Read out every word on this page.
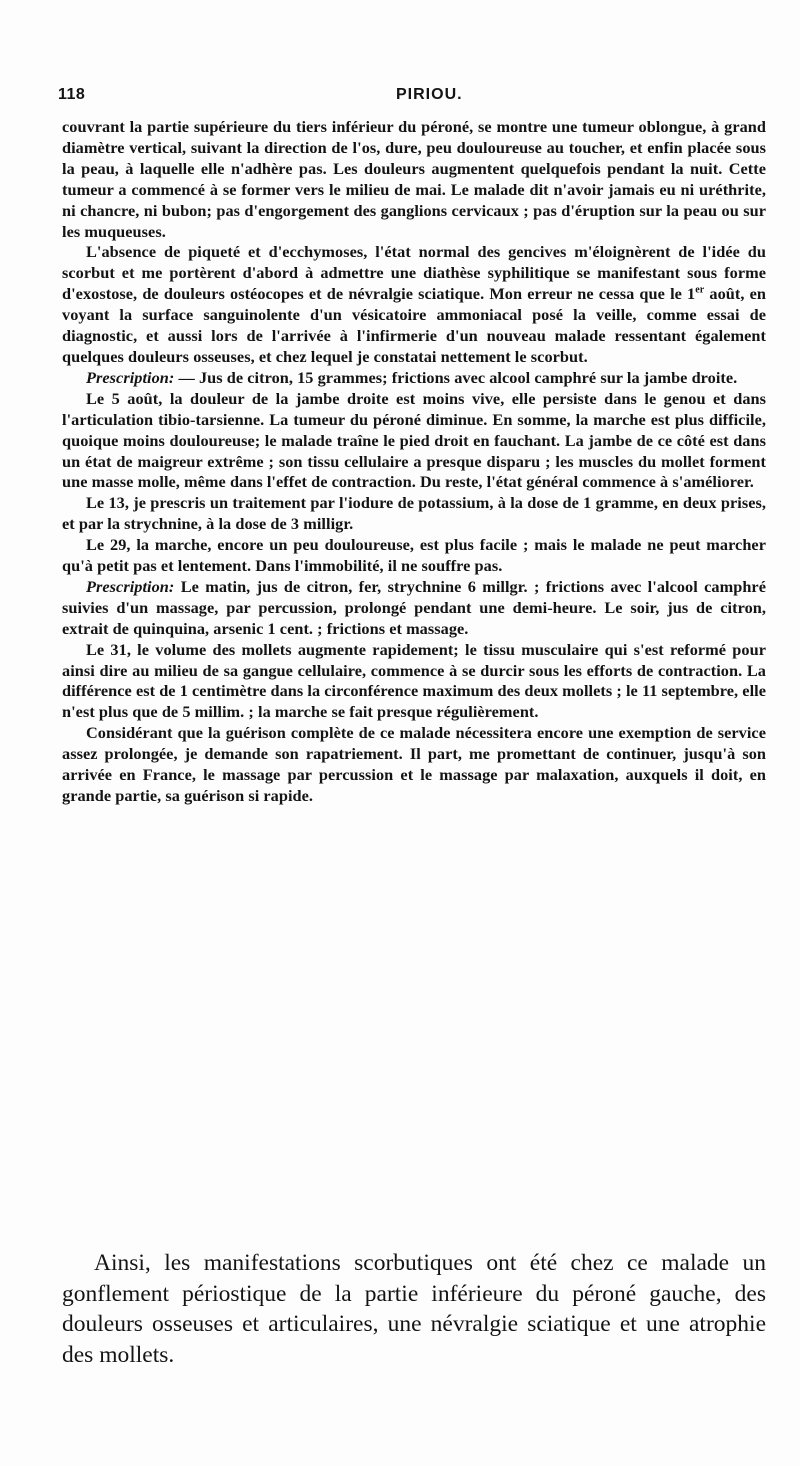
118	PIRIOU.

couvrant la partie supérieure du tiers inférieur du péroné, se montre une tumeur oblongue, à grand diamètre vertical, suivant la direction de l'os, dure, peu douloureuse au toucher, et enfin placée sous la peau, à laquelle elle n'adhère pas. Les douleurs augmentent quelquefois pendant la nuit. Cette tumeur a commencé à se former vers le milieu de mai. Le malade dit n'avoir jamais eu ni uréthrite, ni chancre, ni bubon; pas d'engorgement des ganglions cervicaux ; pas d'éruption sur la peau ou sur les muqueuses.

L'absence de piqueté et d'ecchymoses, l'état normal des gencives m'éloignèrent de l'idée du scorbut et me portèrent d'abord à admettre une diathèse syphilitique se manifestant sous forme d'exostose, de douleurs ostéocopes et de névralgie sciatique. Mon erreur ne cessa que le 1er août, en voyant la surface sanguinolente d'un vésicatoire ammoniacal posé la veille, comme essai de diagnostic, et aussi lors de l'arrivée à l'infirmerie d'un nouveau malade ressentant également quelques douleurs osseuses, et chez lequel je constatai nettement le scorbut.

Prescription: — Jus de citron, 15 grammes; frictions avec alcool camphré sur la jambe droite.

Le 5 août, la douleur de la jambe droite est moins vive, elle persiste dans le genou et dans l'articulation tibio-tarsienne. La tumeur du péroné diminue. En somme, la marche est plus difficile, quoique moins douloureuse; le malade traîne le pied droit en fauchant. La jambe de ce côté est dans un état de maigreur extrême ; son tissu cellulaire a presque disparu ; les muscles du mollet forment une masse molle, même dans l'effet de contraction. Du reste, l'état général commence à s'améliorer.

Le 13, je prescris un traitement par l'iodure de potassium, à la dose de 1 gramme, en deux prises, et par la strychnine, à la dose de 3 milligr.

Le 29, la marche, encore un peu douloureuse, est plus facile ; mais le malade ne peut marcher qu'à petit pas et lentement. Dans l'immobilité, il ne souffre pas.

Prescription: Le matin, jus de citron, fer, strychnine 6 millgr. ; frictions avec l'alcool camphré suivies d'un massage, par percussion, prolongé pendant une demi-heure. Le soir, jus de citron, extrait de quinquina, arsenic 1 cent. ; frictions et massage.

Le 31, le volume des mollets augmente rapidement; le tissu musculaire qui s'est reformé pour ainsi dire au milieu de sa gangue cellulaire, commence à se durcir sous les efforts de contraction. La différence est de 1 centimètre dans la circonférence maximum des deux mollets ; le 11 septembre, elle n'est plus que de 5 millim. ; la marche se fait presque régulièrement.

Considérant que la guérison complète de ce malade nécessitera encore une exemption de service assez prolongée, je demande son rapatriement. Il part, me promettant de continuer, jusqu'à son arrivée en France, le massage par percussion et le massage par malaxation, auxquels il doit, en grande partie, sa guérison si rapide.

Ainsi, les manifestations scorbutiques ont été chez ce malade un gonflement périostique de la partie inférieure du péroné gauche, des douleurs osseuses et articulaires, une névralgie sciatique et une atrophie des mollets.
